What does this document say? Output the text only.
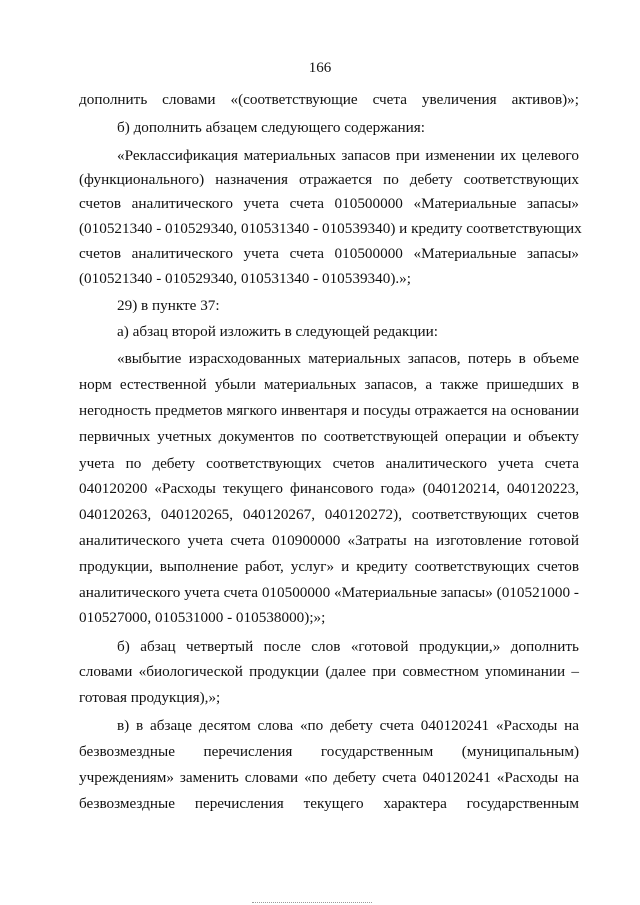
166
дополнить словами «(соответствующие счета увеличения активов)»;
б) дополнить абзацем следующего содержания:
«Реклассификация материальных запасов при изменении их целевого
(функционального) назначения отражается по дебету соответствующих
счетов аналитического учета счета 010500000 «Материальные запасы»
(010521340 - 010529340, 010531340 - 010539340) и кредиту соответствующих
счетов аналитического учета счета 010500000 «Материальные запасы»
(010521340 - 010529340, 010531340 - 010539340).»;
29) в пункте 37:
а) абзац второй изложить в следующей редакции:
«выбытие израсходованных материальных запасов, потерь в объеме
норм естественной убыли материальных запасов, а также пришедших в
негодность предметов мягкого инвентаря и посуды отражается на основании
первичных учетных документов по соответствующей операции и объекту
учета по дебету соответствующих счетов аналитического учета счета
040120200 «Расходы текущего финансового года» (040120214, 040120223,
040120263, 040120265, 040120267, 040120272), соответствующих счетов
аналитического учета счета 010900000 «Затраты на изготовление готовой
продукции, выполнение работ, услуг» и кредиту соответствующих счетов
аналитического учета счета 010500000 «Материальные запасы» (010521000 -
010527000, 010531000 - 010538000);»;
б) абзац четвертый после слов «готовой продукции,» дополнить
словами «биологической продукции (далее при совместном упоминании –
готовая продукция),»;
в) в абзаце десятом слова «по дебету счета 040120241 «Расходы на
безвозмездные перечисления государственным (муниципальным)
учреждениям» заменить словами «по дебету счета 040120241 «Расходы на
безвозмездные перечисления текущего характера государственным
